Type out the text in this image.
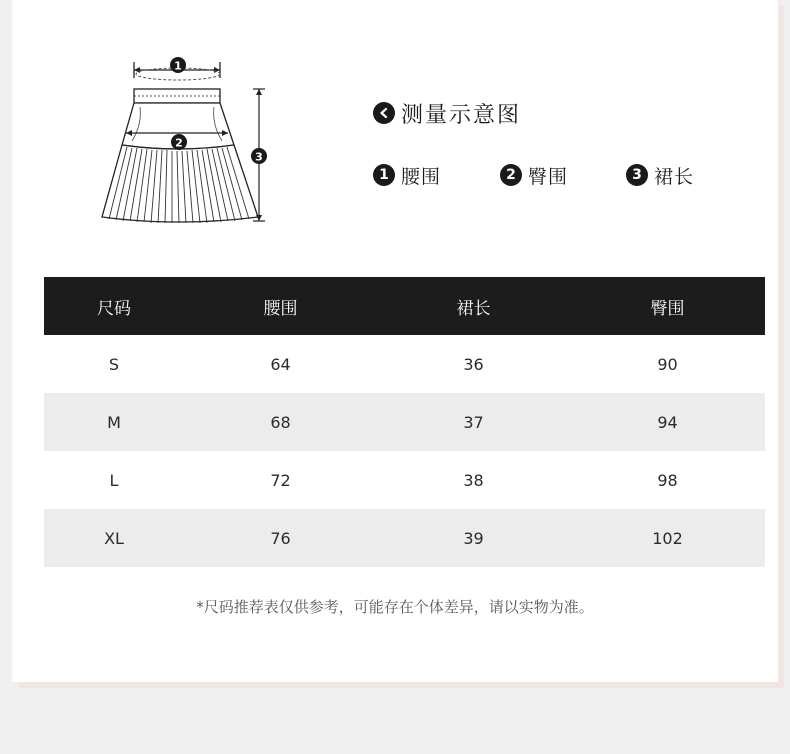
1
2
3
测量示意图
1 腰围	2 臀围	3 裙长
尺码	腰围	裙长	臀围
S	64	36	90
M	68	37	94
L	72	38	98
XL	76	39	102
*尺码推荐表仅供参考，可能存在个体差异，请以实物为准。
